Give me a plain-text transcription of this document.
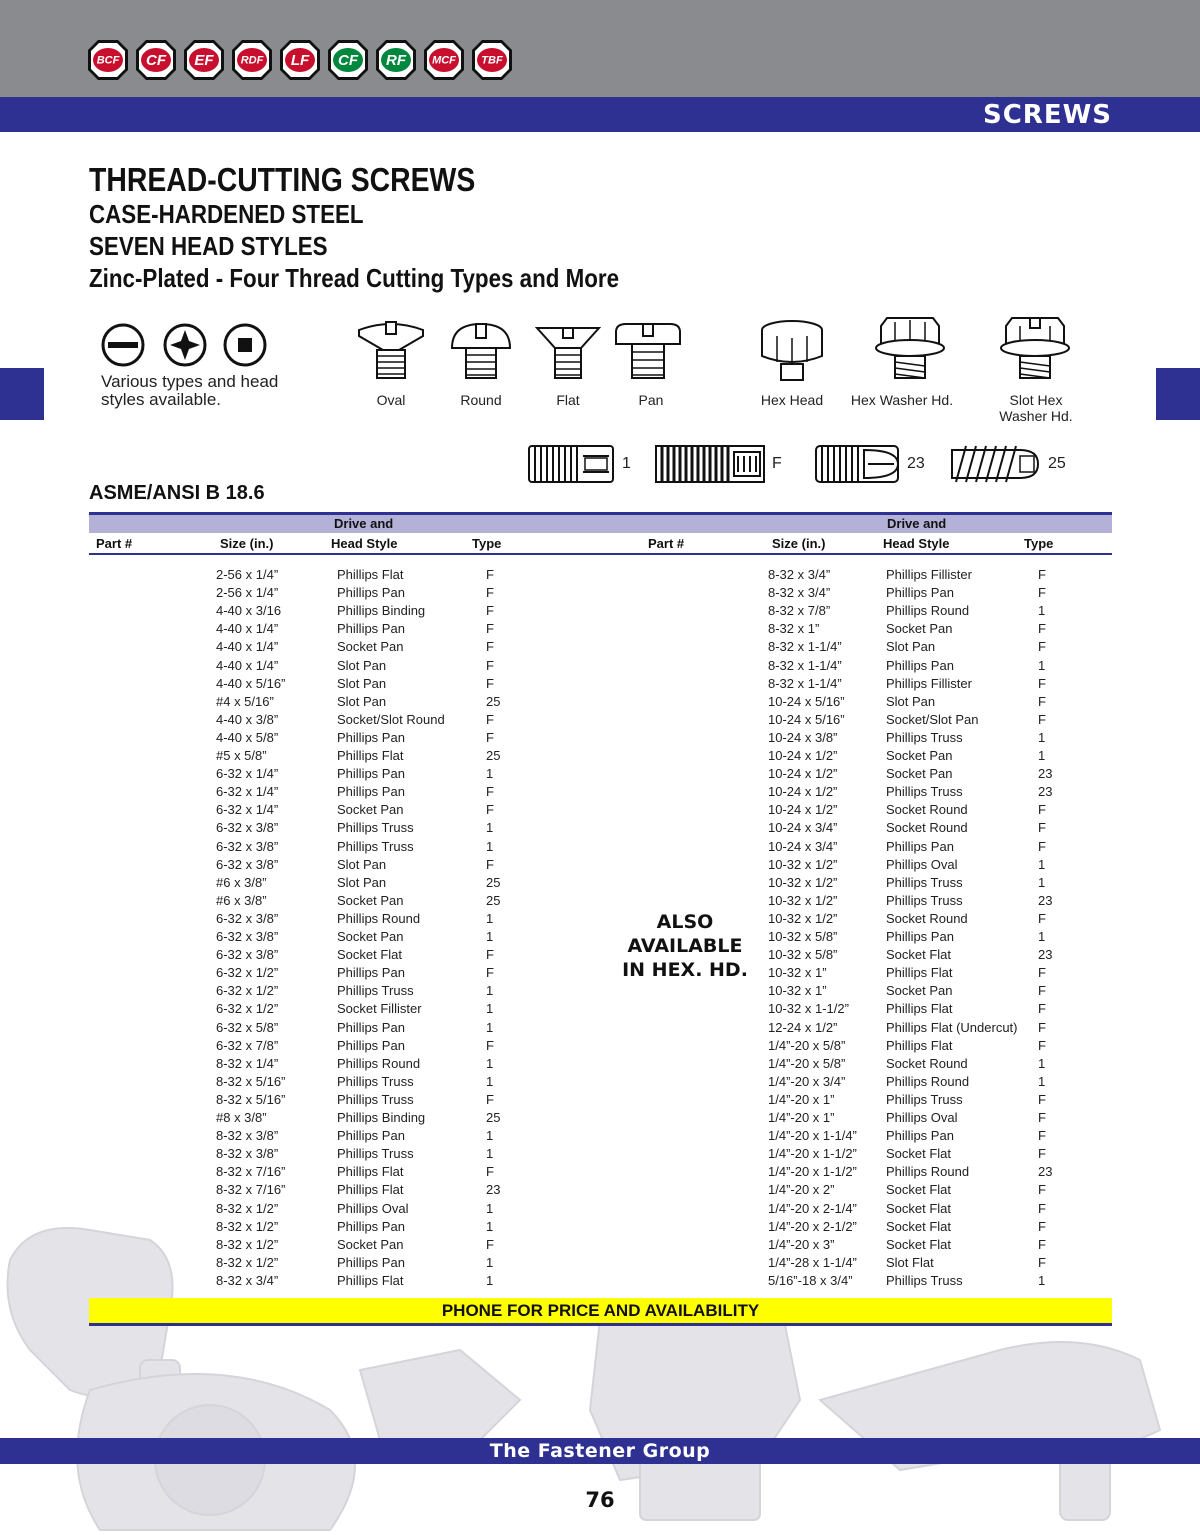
BCF CF EF RDF LF CF RF MCF TBF
SCREWS
THREAD-CUTTING SCREWS
CASE-HARDENED STEEL
SEVEN HEAD STYLES
Zinc-Plated - Four Thread Cutting Types and More
Various types and head
styles available.	Oval	Round	Flat	Pan	Hex Head	Hex Washer Hd.	Slot Hex
Washer Hd.
1	F	23	25
ASME/ANSI B 18.6
Drive and	Drive and
Part #	Size (in.)	Head Style	Type	Part #	Size (in.)	Head Style	Type
2-56 x 1/4”	Phillips Flat	F
2-56 x 1/4”	Phillips Pan	F
4-40 x 3/16	Phillips Binding	F
4-40 x 1/4”	Phillips Pan	F
4-40 x 1/4”	Socket Pan	F
4-40 x 1/4”	Slot Pan	F
4-40 x 5/16”	Slot Pan	F
#4 x 5/16”	Slot Pan	25
4-40 x 3/8”	Socket/Slot Round	F
4-40 x 5/8”	Phillips Pan	F
#5 x 5/8”	Phillips Flat	25
6-32 x 1/4”	Phillips Pan	1
6-32 x 1/4”	Phillips Pan	F
6-32 x 1/4”	Socket Pan	F
6-32 x 3/8”	Phillips Truss	1
6-32 x 3/8”	Phillips Truss	1
6-32 x 3/8”	Slot Pan	F
#6 x 3/8”	Slot Pan	25
#6 x 3/8”	Socket Pan	25
6-32 x 3/8”	Phillips Round	1
6-32 x 3/8”	Socket Pan	1
6-32 x 3/8”	Socket Flat	F
6-32 x 1/2”	Phillips Pan	F
6-32 x 1/2”	Phillips Truss	1
6-32 x 1/2”	Socket Fillister	1
6-32 x 5/8”	Phillips Pan	1
6-32 x 7/8”	Phillips Pan	F
8-32 x 1/4”	Phillips Round	1
8-32 x 5/16”	Phillips Truss	1
8-32 x 5/16”	Phillips Truss	F
#8 x 3/8”	Phillips Binding	25
8-32 x 3/8”	Phillips Pan	1
8-32 x 3/8”	Phillips Truss	1
8-32 x 7/16”	Phillips Flat	F
8-32 x 7/16”	Phillips Flat	23
8-32 x 1/2”	Phillips Oval	1
8-32 x 1/2”	Phillips Pan	1
8-32 x 1/2”	Socket Pan	F
8-32 x 1/2”	Phillips Pan	1
8-32 x 3/4”	Phillips Flat	1
8-32 x 3/4”	Phillips Fillister	F
8-32 x 3/4”	Phillips Pan	F
8-32 x 7/8”	Phillips Round	1
8-32 x 1”	Socket Pan	F
8-32 x 1-1/4”	Slot Pan	F
8-32 x 1-1/4”	Phillips Pan	1
8-32 x 1-1/4”	Phillips Fillister	F
10-24 x 5/16”	Slot Pan	F
10-24 x 5/16”	Socket/Slot Pan	F
10-24 x 3/8”	Phillips Truss	1
10-24 x 1/2”	Socket Pan	1
10-24 x 1/2”	Socket Pan	23
10-24 x 1/2”	Phillips Truss	23
10-24 x 1/2”	Socket Round	F
10-24 x 3/4”	Socket Round	F
10-24 x 3/4”	Phillips Pan	F
10-32 x 1/2”	Phillips Oval	1
10-32 x 1/2”	Phillips Truss	1
10-32 x 1/2”	Phillips Truss	23
10-32 x 1/2”	Socket Round	F
10-32 x 5/8”	Phillips Pan	1
10-32 x 5/8”	Socket Flat	23
10-32 x 1”	Phillips Flat	F
10-32 x 1”	Socket Pan	F
10-32 x 1-1/2”	Phillips Flat	F
12-24 x 1/2”	Phillips Flat (Undercut) F
1/4”-20 x 5/8”	Phillips Flat	F
1/4”-20 x 5/8”	Socket Round	1
1/4”-20 x 3/4”	Phillips Round	1
1/4”-20 x 1”	Phillips Truss	F
1/4”-20 x 1”	Phillips Oval	F
1/4”-20 x 1-1/4” Phillips Pan	F
1/4”-20 x 1-1/2” Socket Flat	F
1/4”-20 x 1-1/2” Phillips Round	23
1/4”-20 x 2”	Socket Flat	F
1/4”-20 x 2-1/4” Socket Flat	F
1/4”-20 x 2-1/2” Socket Flat	F
1/4”-20 x 3”	Socket Flat	F
1/4”-28 x 1-1/4” Slot Flat	F
5/16”-18 x 3/4”	Phillips Truss	1
ALSO
AVAILABLE
IN HEX. HD.
PHONE FOR PRICE AND AVAILABILITY
The Fastener Group
76
